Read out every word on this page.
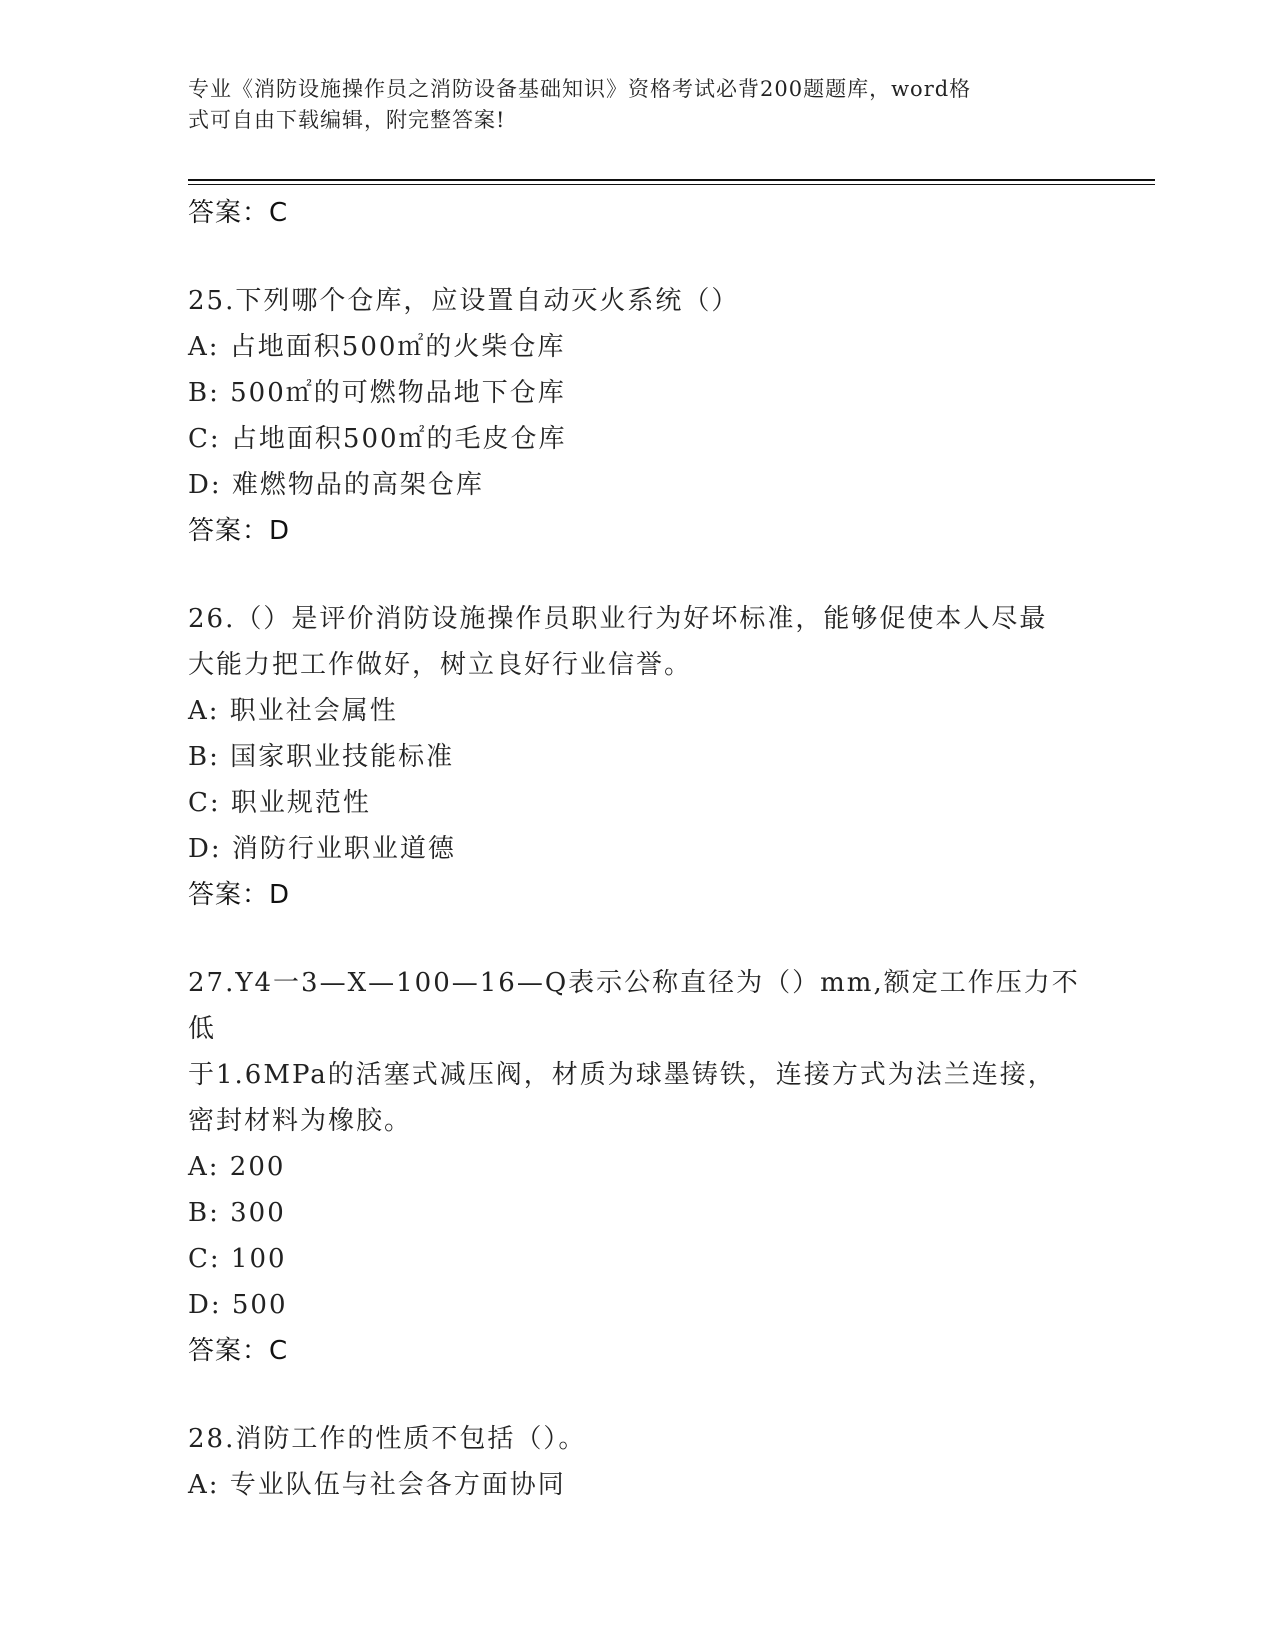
专业《消防设施操作员之消防设备基础知识》资格考试必背200题题库，word格
式可自由下载编辑，附完整答案!
答案：C
25.下列哪个仓库，应设置自动灭火系统（）
A: 占地面积500㎡的火柴仓库
B: 500㎡的可燃物品地下仓库
C: 占地面积500㎡的毛皮仓库
D: 难燃物品的高架仓库
答案：D
26.（）是评价消防设施操作员职业行为好坏标准，能够促使本人尽最
大能力把工作做好，树立良好行业信誉。
A: 职业社会属性
B: 国家职业技能标准
C: 职业规范性
D: 消防行业职业道德
答案：D
27.Y4一3—X—100—16—Q表示公称直径为（）mm,额定工作压力不低
于1.6MPa的活塞式减压阀，材质为球墨铸铁，连接方式为法兰连接，
密封材料为橡胶。
A: 200
B: 300
C: 100
D: 500
答案：C
28.消防工作的性质不包括（）。
A: 专业队伍与社会各方面协同
